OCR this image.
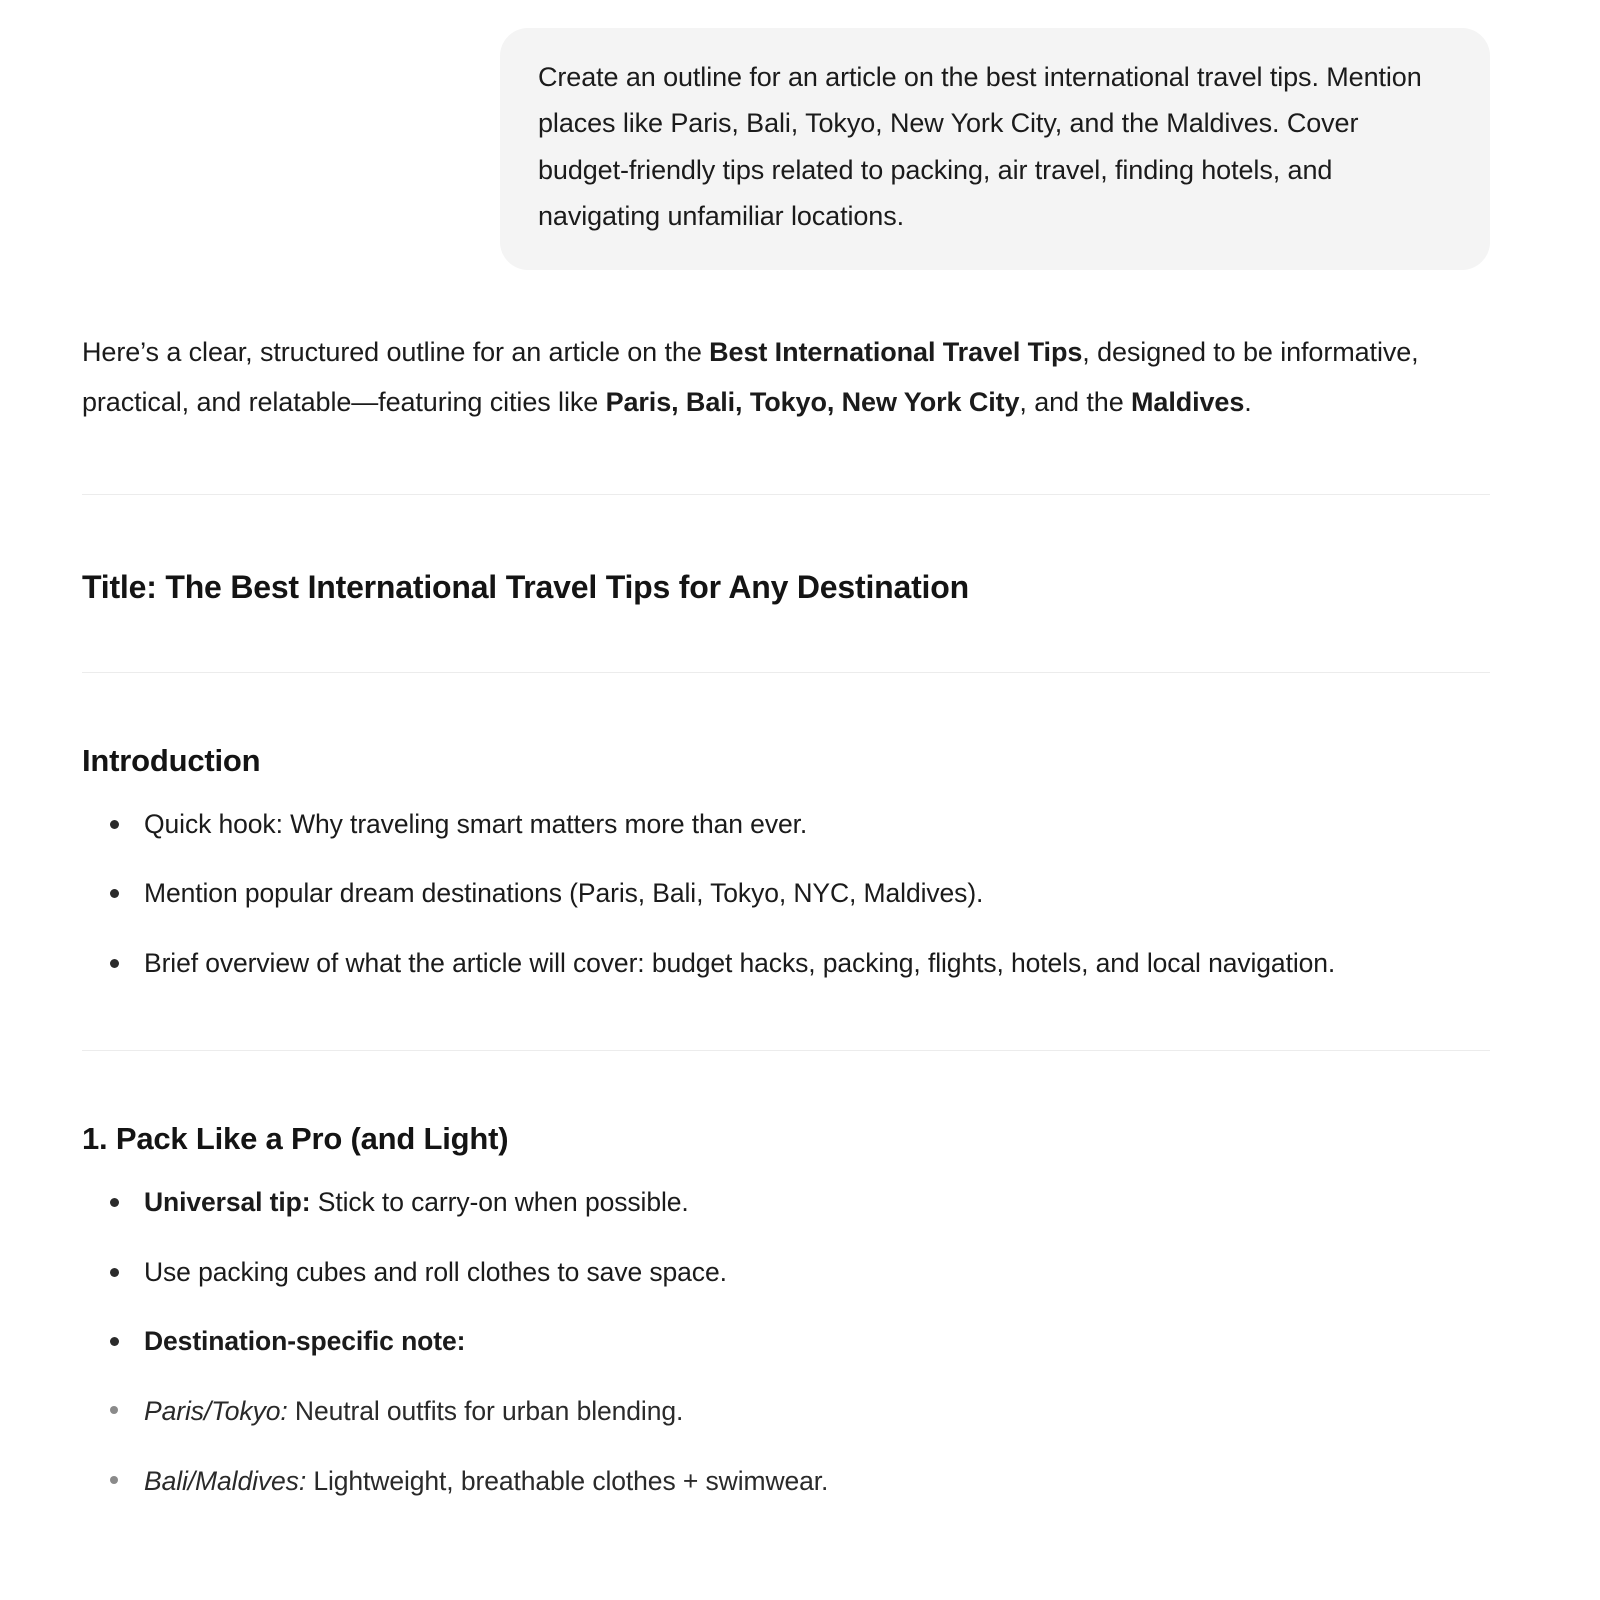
Create an outline for an article on the best international travel tips. Mention places like Paris, Bali, Tokyo, New York City, and the Maldives. Cover budget-friendly tips related to packing, air travel, finding hotels, and navigating unfamiliar locations.

Here’s a clear, structured outline for an article on the Best International Travel Tips, designed to be informative, practical, and relatable—featuring cities like Paris, Bali, Tokyo, New York City, and the Maldives.

Title: The Best International Travel Tips for Any Destination
Introduction
Quick hook: Why traveling smart matters more than ever.
Mention popular dream destinations (Paris, Bali, Tokyo, NYC, Maldives).
Brief overview of what the article will cover: budget hacks, packing, flights, hotels, and local navigation.
1. Pack Like a Pro (and Light)
Universal tip: Stick to carry-on when possible.
Use packing cubes and roll clothes to save space.
Destination-specific note:
Paris/Tokyo: Neutral outfits for urban blending.
Bali/Maldives: Lightweight, breathable clothes + swimwear.
